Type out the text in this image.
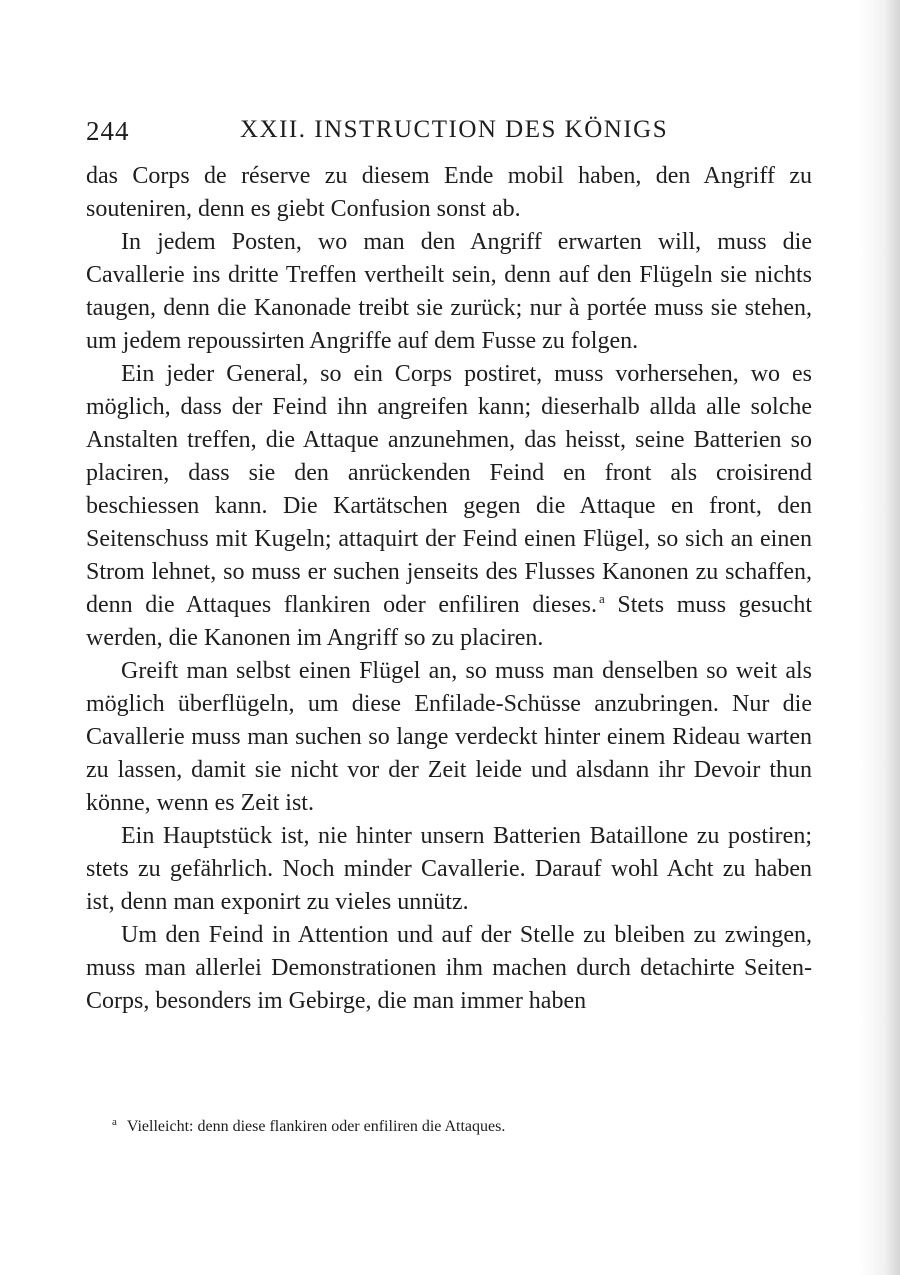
244	XXII. INSTRUCTION DES KÖNIGS

das Corps de réserve zu diesem Ende mobil haben, den Angriff zu souteniren, denn es giebt Confusion sonst ab.

In jedem Posten, wo man den Angriff erwarten will, muss die Cavallerie ins dritte Treffen vertheilt sein, denn auf den Flügeln sie nichts taugen, denn die Kanonade treibt sie zurück; nur à portée muss sie stehen, um jedem repoussirten Angriffe auf dem Fusse zu folgen.

Ein jeder General, so ein Corps postiret, muss vorhersehen, wo es möglich, dass der Feind ihn angreifen kann; dieserhalb allda alle solche Anstalten treffen, die Attaque anzunehmen, das heisst, seine Batterien so placiren, dass sie den anrückenden Feind en front als croisirend beschiessen kann. Die Kartätschen gegen die Attaque en front, den Seitenschuss mit Kugeln; attaquirt der Feind einen Flügel, so sich an einen Strom lehnet, so muss er suchen jenseits des Flusses Kanonen zu schaffen, denn die Attaques flankiren oder enfiliren dieses. $^a$ Stets muss gesucht werden, die Kanonen im Angriff so zu placiren.

Greift man selbst einen Flügel an, so muss man denselben so weit als möglich überflügeln, um diese Enfilade-Schüsse anzubringen. Nur die Cavallerie muss man suchen so lange verdeckt hinter einem Rideau warten zu lassen, damit sie nicht vor der Zeit leide und alsdann ihr Devoir thun könne, wenn es Zeit ist.

Ein Hauptstück ist, nie hinter unsern Batterien Bataillone zu postiren; stets zu gefährlich. Noch minder Cavallerie. Darauf wohl Acht zu haben ist, denn man exponirt zu vieles unnütz.

Um den Feind in Attention und auf der Stelle zu bleiben zu zwingen, muss man allerlei Demonstrationen ihm machen durch detachirte Seiten-Corps, besonders im Gebirge, die man immer haben

$^a$ Vielleicht: denn diese flankiren oder enfiliren die Attaques.
